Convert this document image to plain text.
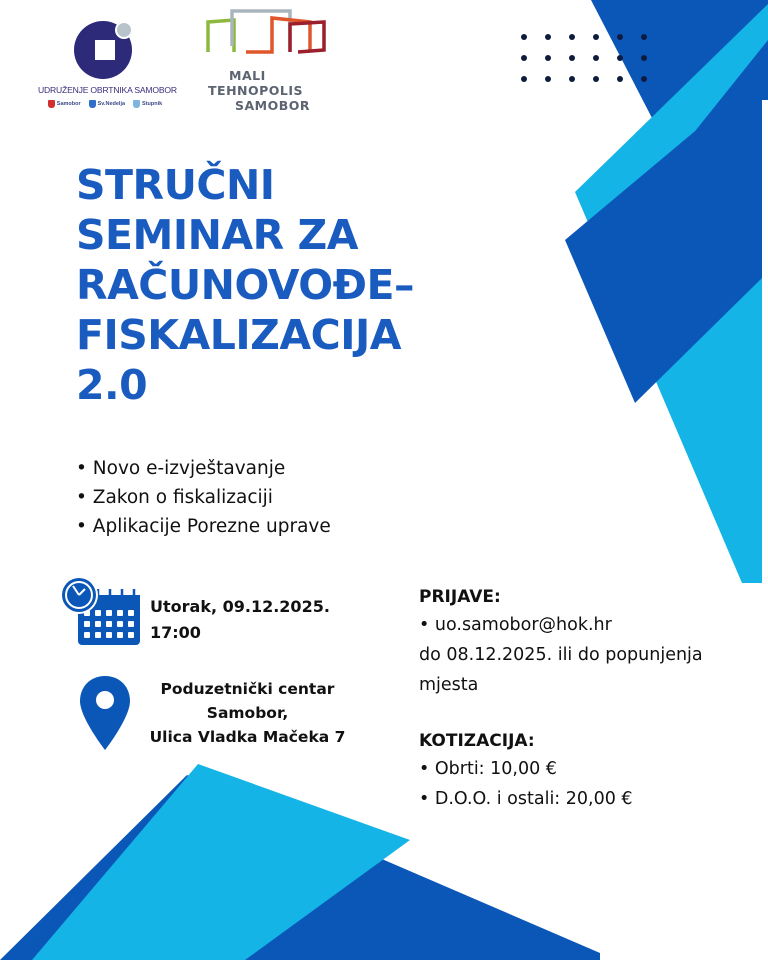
UDRUŽENJE OBRTNIKA SAMOBOR
Samobor	Sv.Nedelja	Stupnik
MALI
TEHNOPOLIS
SAMOBOR
STRUČNI
SEMINAR ZA
RAČUNOVOĐE–
FISKALIZACIJA
2.0
• Novo e-izvještavanje
• Zakon o fiskalizaciji
• Aplikacije Porezne uprave
Utorak, 09.12.2025.
17:00
Poduzetnički centar
Samobor,
Ulica Vladka Mačeka 7
PRIJAVE:
• uo.samobor@hok.hr
do 08.12.2025. ili do popunjenja
mjesta
KOTIZACIJA:
• Obrti: 10,00 €
• D.O.O. i ostali: 20,00 €
